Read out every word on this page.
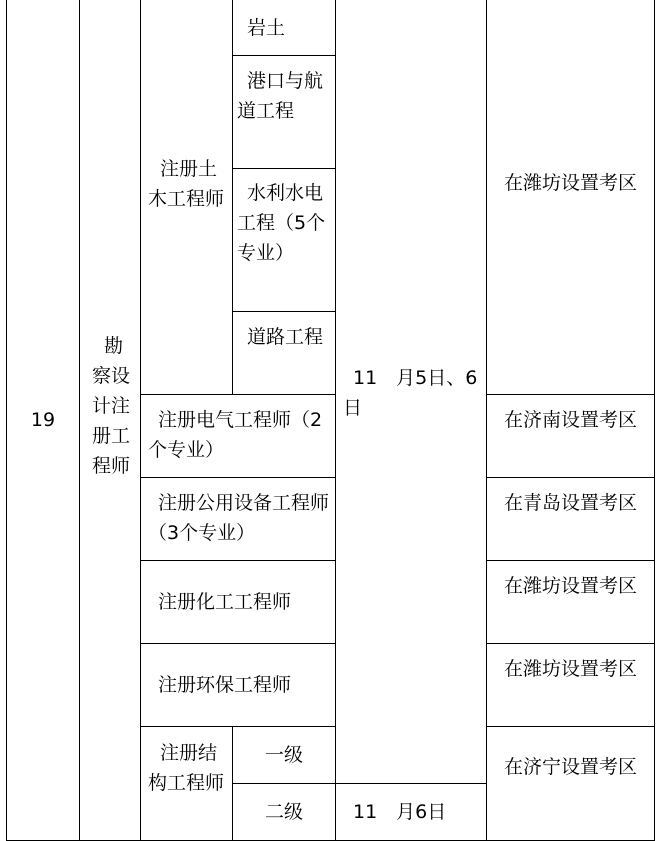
19
勘察设计注册工程师
注册土木工程师
岩土
港口与航道工程
水利水电工程（5个专业）
道路工程
11　月5日、6日
在潍坊设置考区
注册电气工程师（2个专业）
在济南设置考区
注册公用设备工程师（3个专业）
在青岛设置考区
注册化工工程师
在潍坊设置考区
注册环保工程师
在潍坊设置考区
注册结构工程师
一级
二级	11　月6日
在济宁设置考区
